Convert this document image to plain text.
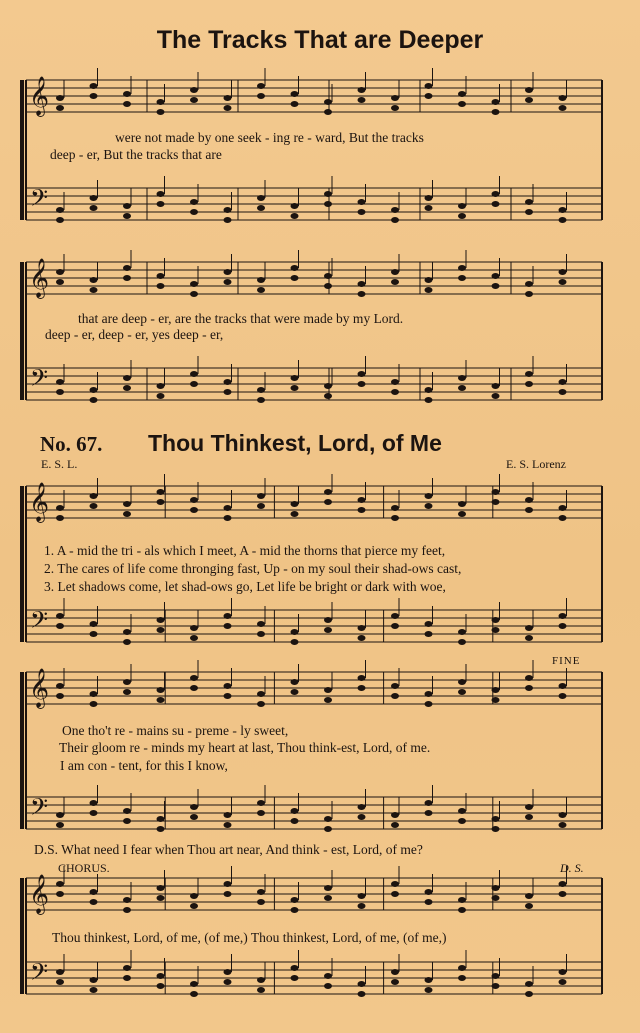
The Tracks That are Deeper
were not made by one seek - ing re - ward, But the tracks
deep - er, But the tracks that are
that are deep - er, are the tracks that were made by my Lord.
deep - er, deep - er, yes deep - er,
No. 67. Thou Thinkest, Lord, of Me
E. S. L.	E. S. Lorenz
1. A - mid the tri - als which I meet, A - mid the thorns that pierce my feet,
2. The cares of life come thronging fast, Up - on my soul their shad-ows cast,
3. Let shadows come, let shad-ows go, Let life be bright or dark with woe,
FINE
One tho't re - mains su - preme - ly sweet,
Their gloom re - minds my heart at last, Thou think-est, Lord, of me.
I am con - tent, for this I know,
D.S. What need I fear when Thou art near, And think - est, Lord, of me?
CHORUS.	D. S.
Thou thinkest, Lord, of me, (of me,) Thou thinkest, Lord, of me, (of me,)
𝄞
𝄢
𝄞
𝄢
𝄞
𝄢
𝄞
𝄢
𝄞
𝄢
